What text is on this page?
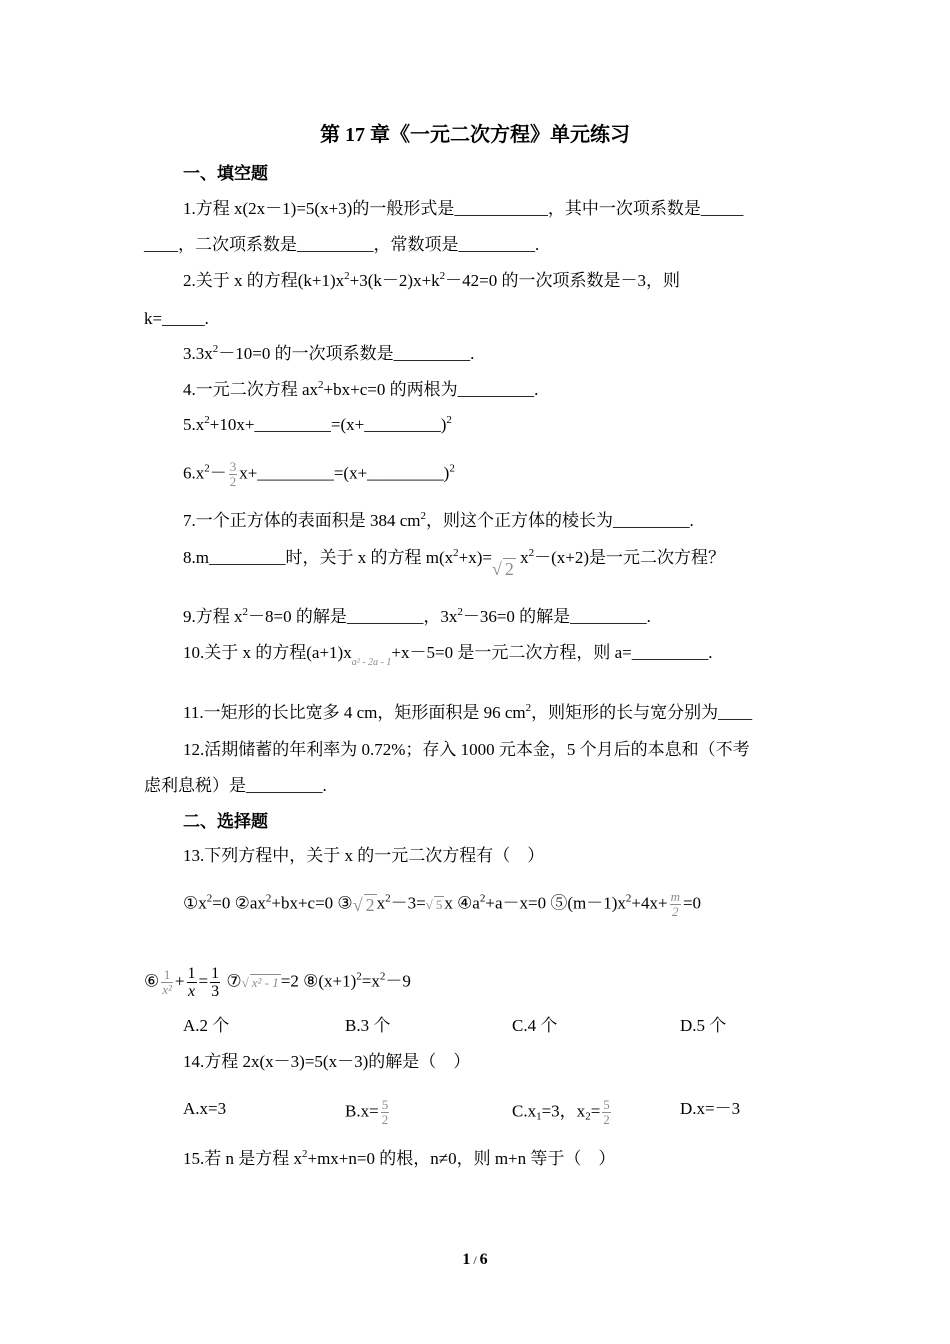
第 17 章《一元二次方程》单元练习
一、填空题
1.方程 x(2x－1)=5(x+3)的一般形式是___________，其中一次项系数是_____
____，二次项系数是_________，常数项是_________.
2.关于 x 的方程$(k+1)x^2+3(k-2)x+k^2-42=0$ 的一次项系数是－3，则
k=_____.
$3.3x^2-10=0$ 的一次项系数是_________.
4.一元二次方程 $ax^2+bx+c=0$ 的两根为_________.
$5.x^2+10x+\_\_\_\_\_\_\_\_\_=(x+\_\_\_\_\_\_\_\_\_)^2$
$6.x^2- \frac{3}{2}$ x+_________=(x+_________)$^2$
7.一个正方体的表面积是 384 $cm^2$，则这个正方体的棱长为_________.
8.m_________时，关于 x 的方程 $m(x^2+x)=√$ 2 $x^2-(x+2)$是一元二次方程？
9.方程 $x^2-8=0$ 的解是_________，$3x^2-36=0$ 的解是_________.
10.关于 x 的方程$(a+1)x_{a^2 - 2a - 1}+x-5=0$ 是一元二次方程，则 a=_________.
11.一矩形的长比宽多 4 cm，矩形面积是 96 $cm^2$，则矩形的长与宽分别为____
12.活期储蓄的年利率为 0.72%；存入 1000 元本金，5 个月后的本息和（不考
虑利息税）是_________.
二、选择题
13.下列方程中，关于 x 的一元二次方程有（　）
$①x^2=0$ $②ax^2+bx+c=0$ ③√ 2 $x^2-3=√$ 5 x $④a^2+a-x=0$ $⑤(m-1)x^2+4x+ \frac{m}{2} =0$
⑥ $\frac{1}{\text{x²}} + \frac{1}{x} = \frac{1}{3}$ ⑦√ x² - 1 =2 $⑧(x+1)^2=x^2-9$
A.2 个	B.3 个	C.4 个	D.5 个
14.方程 2x(x－3)=5(x－3)的解是（　）
A.x=3	$B.x= \frac{5}{2}$	$C.x_1=3$，$x_2= \frac{5}{2}$	D.x=－3
15.若 n 是方程 $x^2+mx+n=0$ 的根，n≠0，则 m+n 等于（　）
1 / 6
